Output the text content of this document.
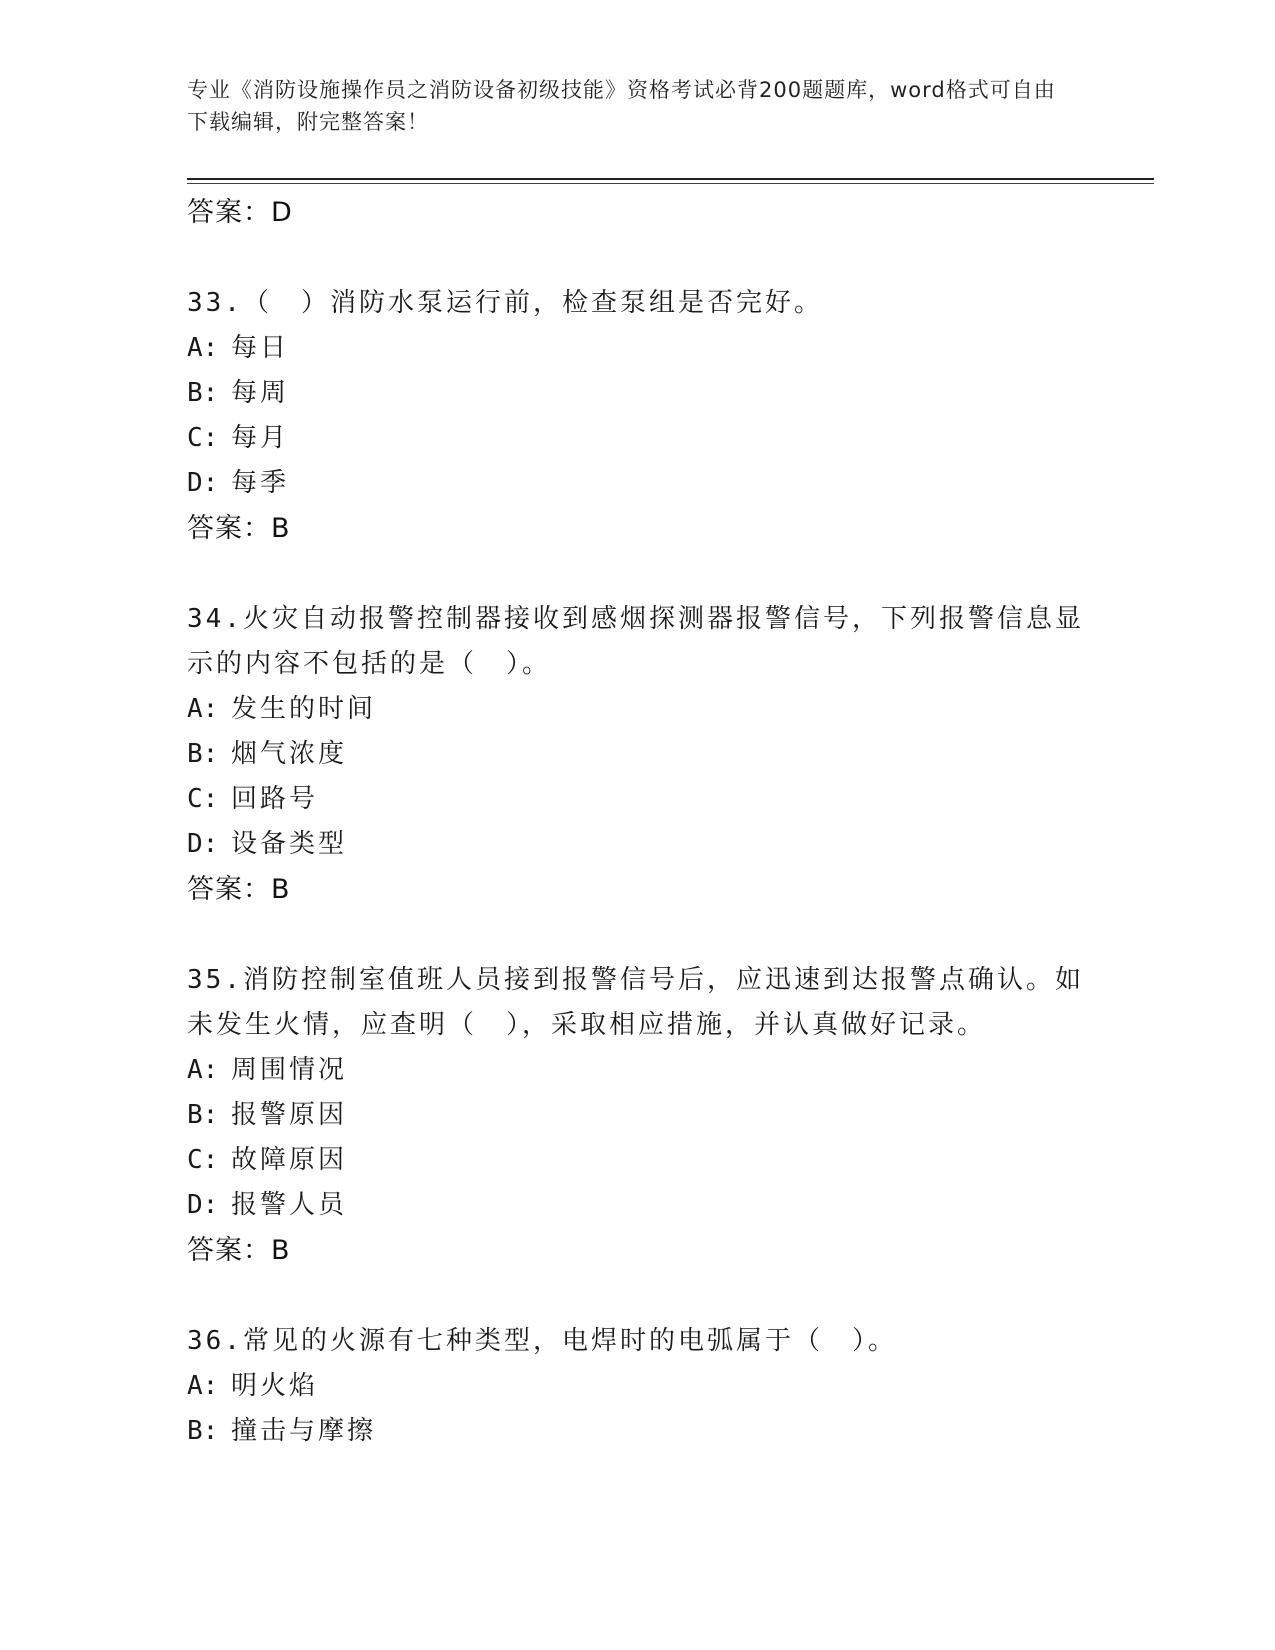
专业《消防设施操作员之消防设备初级技能》资格考试必背200题题库，word格式可自由下载编辑，附完整答案！
答案：D
33.（　）消防水泵运行前，检查泵组是否完好。
A: 每日
B: 每周
C: 每月
D: 每季
答案：B
34.火灾自动报警控制器接收到感烟探测器报警信号，下列报警信息显示的内容不包括的是（　）。
A: 发生的时间
B: 烟气浓度
C: 回路号
D: 设备类型
答案：B
35.消防控制室值班人员接到报警信号后，应迅速到达报警点确认。如未发生火情，应查明（　），采取相应措施，并认真做好记录。
A: 周围情况
B: 报警原因
C: 故障原因
D: 报警人员
答案：B
36.常见的火源有七种类型，电焊时的电弧属于（　）。
A: 明火焰
B: 撞击与摩擦
